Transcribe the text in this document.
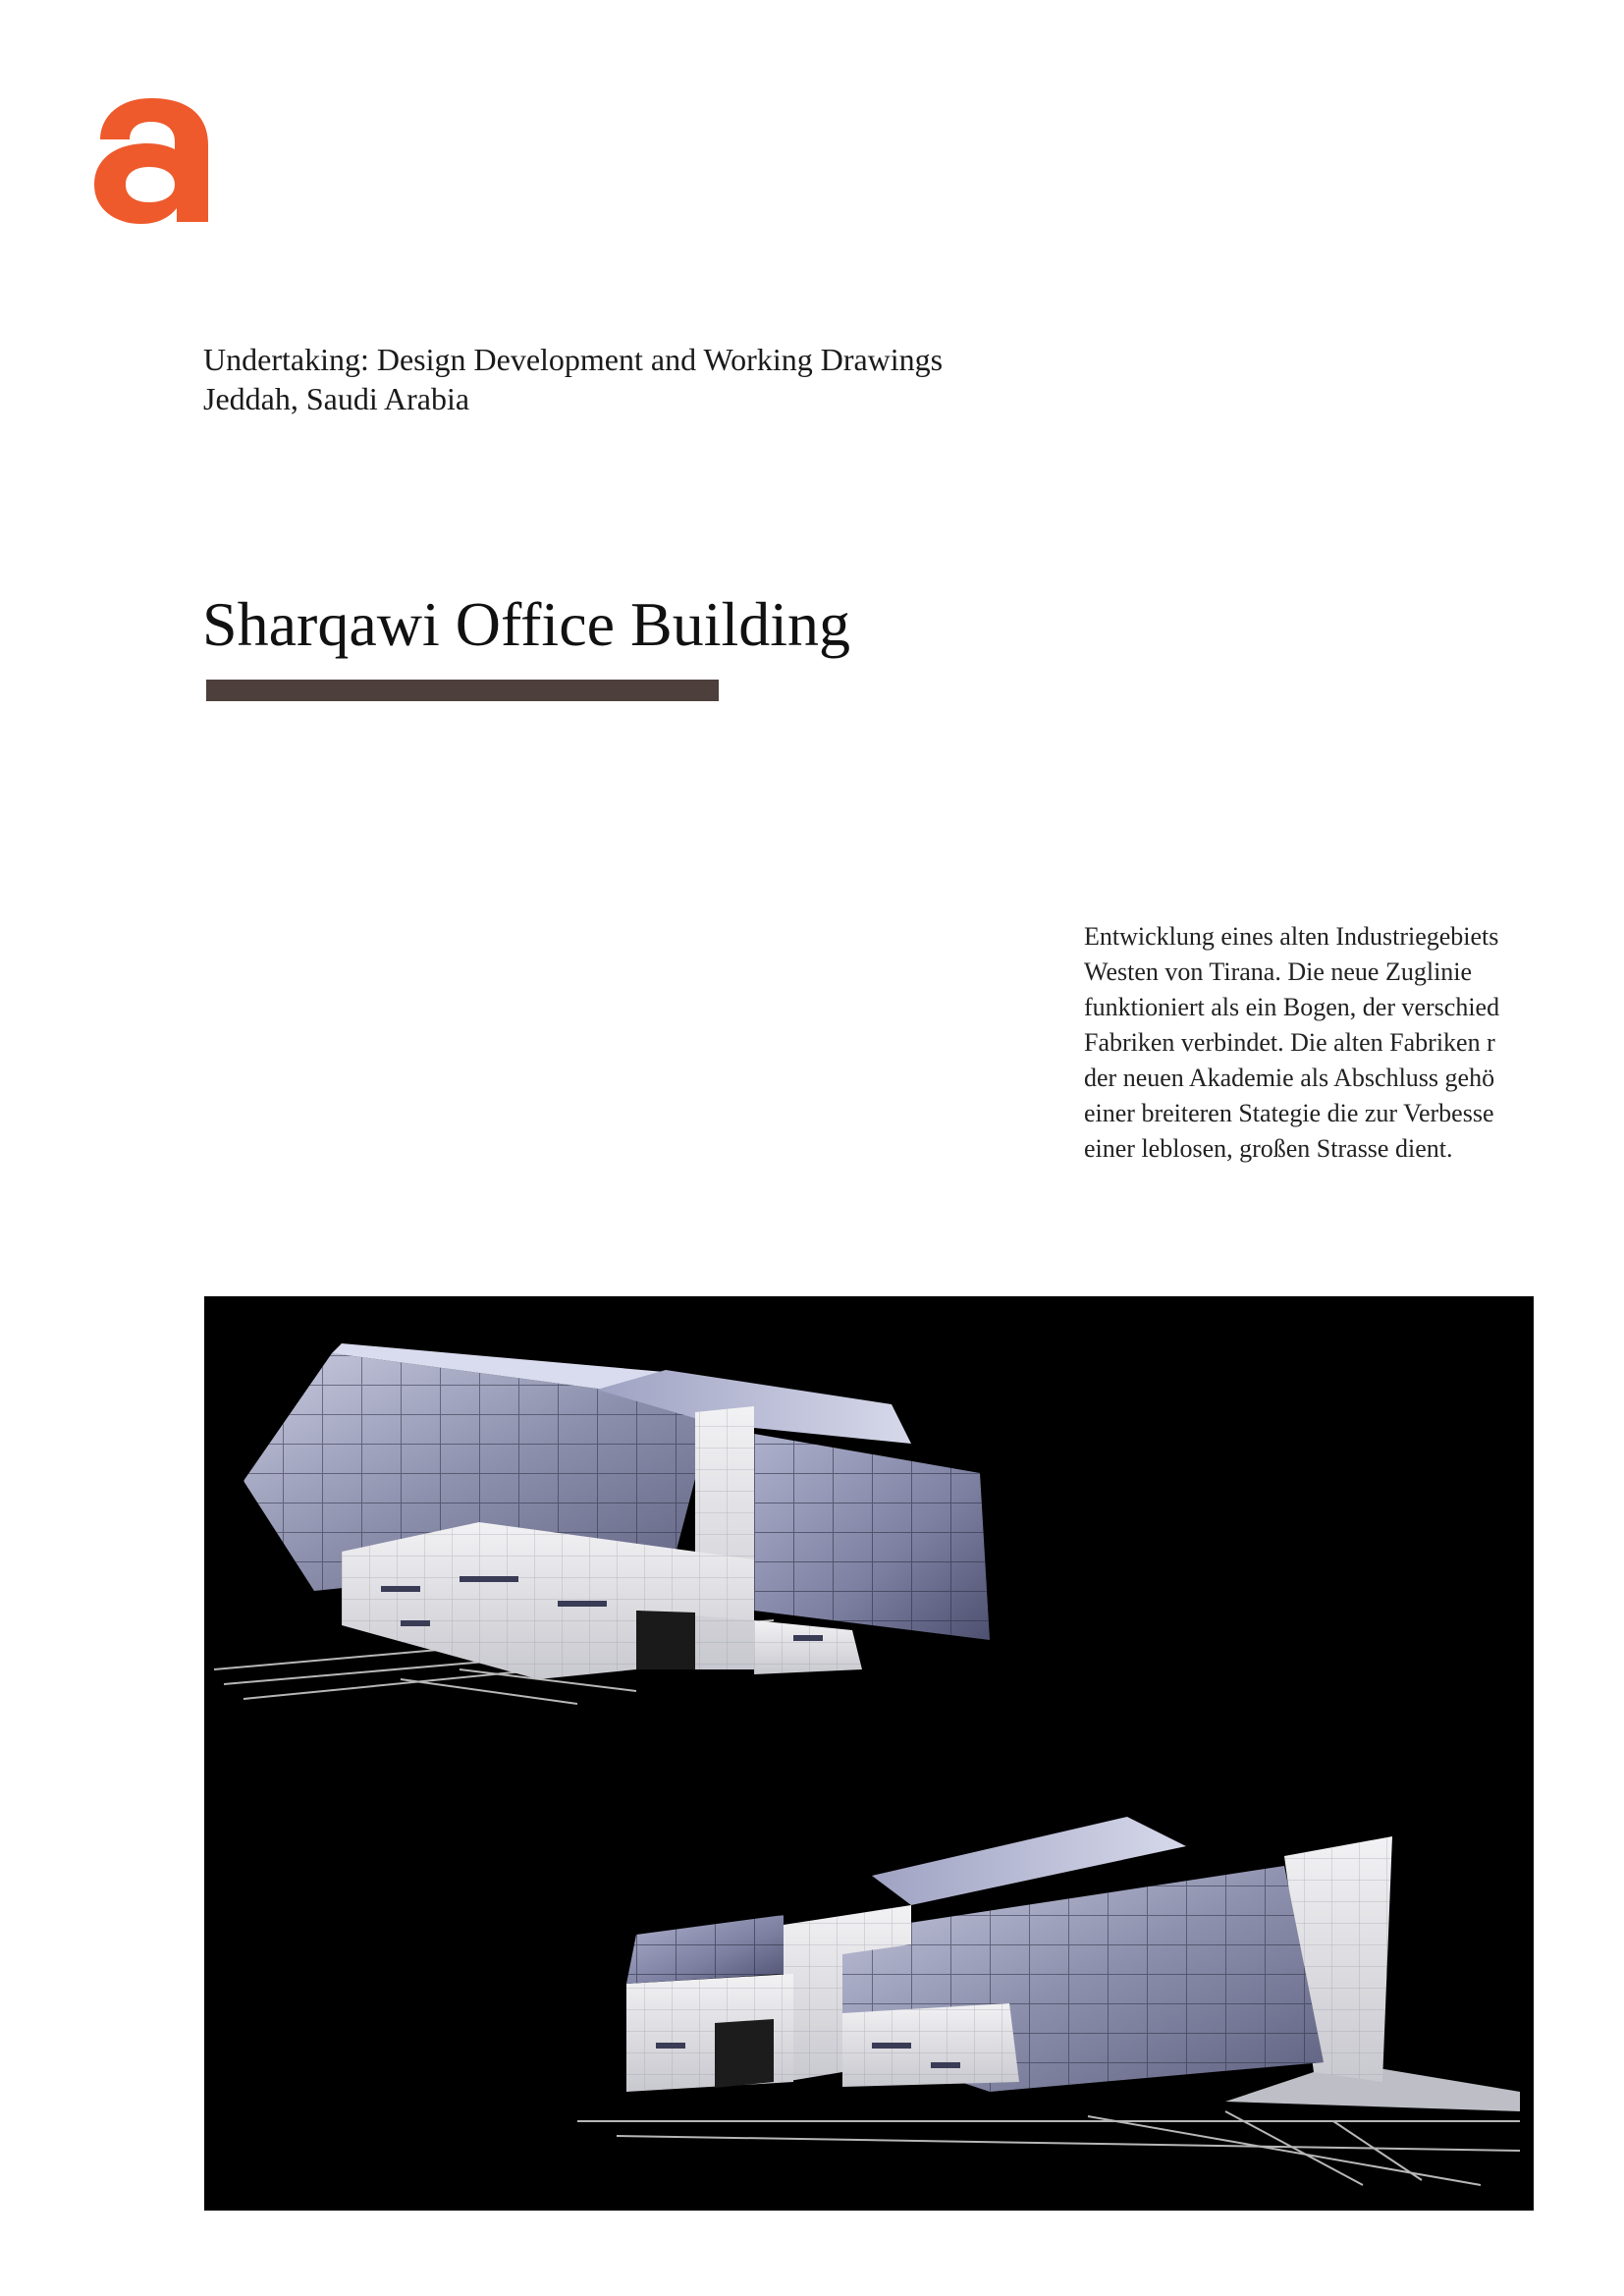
Undertaking: Design Development and Working Drawings
Jeddah, Saudi Arabia
Sharqawi Office Building
Entwicklung eines alten Industriegebiets
Westen von Tirana. Die neue Zuglinie
funktioniert als ein Bogen, der verschied
Fabriken verbindet. Die alten Fabriken r
der neuen Akademie als Abschluss gehö
einer breiteren Stategie die zur Verbesse
einer leblosen, großen Strasse dient.
